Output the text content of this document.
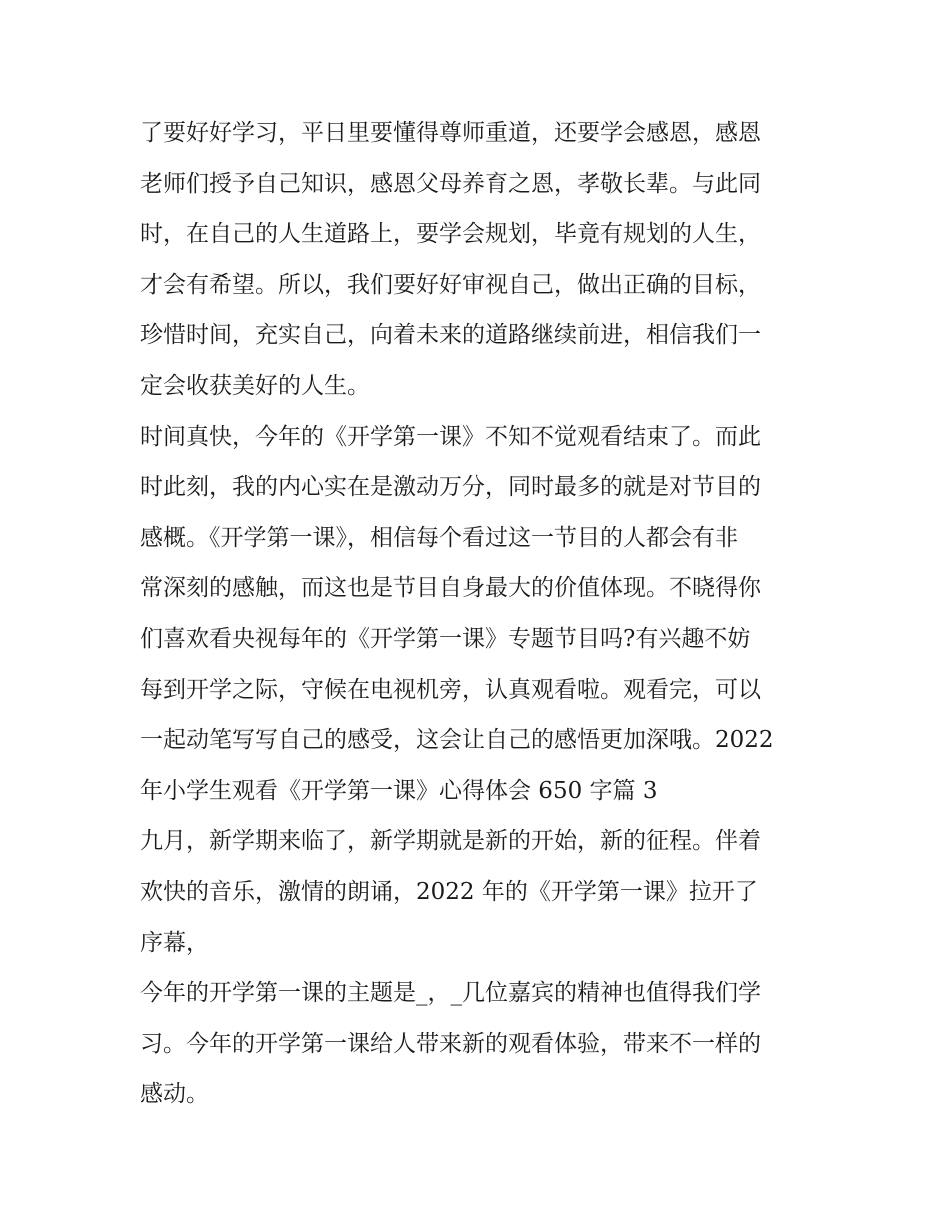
了要好好学习，平日里要懂得尊师重道，还要学会感恩，感恩
老师们授予自己知识，感恩父母养育之恩，孝敬长辈。与此同
时，在自己的人生道路上，要学会规划，毕竟有规划的人生，
才会有希望。所以，我们要好好审视自己，做出正确的目标，
珍惜时间，充实自己，向着未来的道路继续前进，相信我们一
定会收获美好的人生。
时间真快，今年的《开学第一课》不知不觉观看结束了。而此
时此刻，我的内心实在是激动万分，同时最多的就是对节目的
感概。《开学第一课》，相信每个看过这一节目的人都会有非
常深刻的感触，而这也是节目自身最大的价值体现。不晓得你
们喜欢看央视每年的《开学第一课》专题节目吗?有兴趣不妨
每到开学之际，守候在电视机旁，认真观看啦。观看完，可以
一起动笔写写自己的感受，这会让自己的感悟更加深哦。2022
年小学生观看《开学第一课》心得体会 650 字篇 3
九月，新学期来临了，新学期就是新的开始，新的征程。伴着
欢快的音乐，激情的朗诵，2022 年的《开学第一课》拉开了
序幕，
今年的开学第一课的主题是_，_几位嘉宾的精神也值得我们学
习。今年的开学第一课给人带来新的观看体验，带来不一样的
感动。
